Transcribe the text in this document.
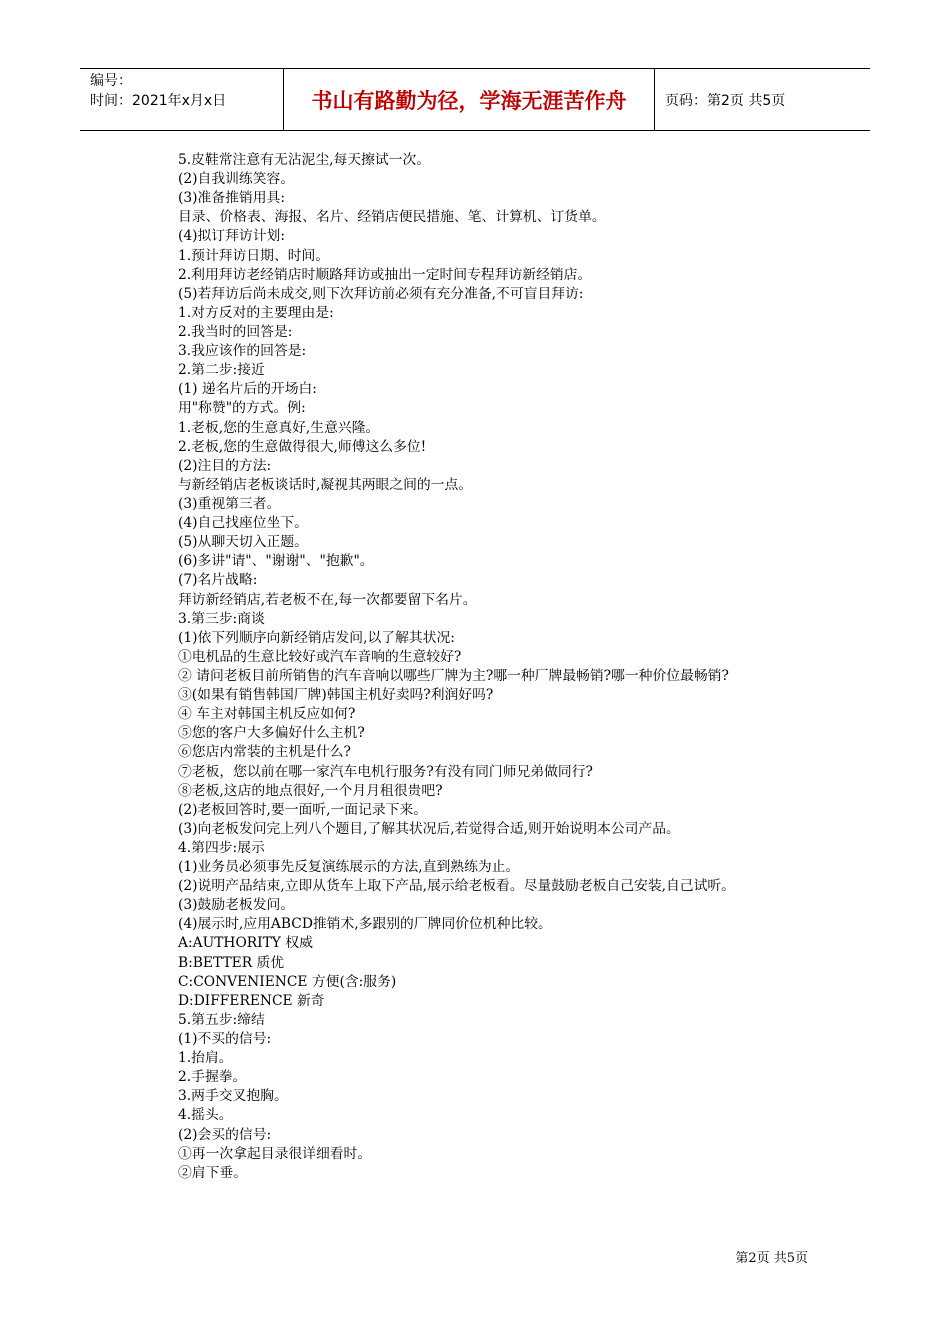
编号：
时间：2021年x月x日	书山有路勤为径，学海无涯苦作舟	页码：第2页 共5页
5.皮鞋常注意有无沾泥尘,每天擦试一次。
(2)自我训练笑容。
(3)准备推销用具:
目录、价格表、海报、名片、经销店便民措施、笔、计算机、订货单。
(4)拟订拜访计划:
1.预计拜访日期、时间。
2.利用拜访老经销店时顺路拜访或抽出一定时间专程拜访新经销店。
(5)若拜访后尚未成交,则下次拜访前必须有充分准备,不可盲目拜访:
1.对方反对的主要理由是:
2.我当时的回答是:
3.我应该作的回答是:
2.第二步:接近
(1) 递名片后的开场白:
用"称赞"的方式。例:
1.老板,您的生意真好,生意兴隆。
2.老板,您的生意做得很大,师傅这么多位!
(2)注目的方法:
与新经销店老板谈话时,凝视其两眼之间的一点。
(3)重视第三者。
(4)自己找座位坐下。
(5)从聊天切入正题。
(6)多讲"请"、"谢谢"、"抱歉"。
(7)名片战略:
拜访新经销店,若老板不在,每一次都要留下名片。
3.第三步:商谈
(1)依下列顺序向新经销店发问,以了解其状况:
①电机品的生意比较好或汽车音响的生意较好?
② 请问老板目前所销售的汽车音响以哪些厂牌为主?哪一种厂牌最畅销?哪一种价位最畅销?
③(如果有销售韩国厂牌)韩国主机好卖吗?利润好吗?
④ 车主对韩国主机反应如何?
⑤您的客户大多偏好什么主机?
⑥您店内常装的主机是什么?
⑦老板，您以前在哪一家汽车电机行服务?有没有同门师兄弟做同行?
⑧老板,这店的地点很好,一个月月租很贵吧?
(2)老板回答时,要一面听,一面记录下来。
(3)向老板发问完上列八个题目,了解其状况后,若觉得合适,则开始说明本公司产品。
4.第四步:展示
(1)业务员必须事先反复演练展示的方法,直到熟练为止。
(2)说明产品结束,立即从货车上取下产品,展示给老板看。尽量鼓励老板自己安装,自己试听。
(3)鼓励老板发问。
(4)展示时,应用ABCD推销术,多跟别的厂牌同价位机种比较。
A:AUTHORITY 权威
B:BETTER 质优
C:CONVENIENCE 方便(含:服务)
D:DIFFERENCE 新奇
5.第五步:缔结
(1)不买的信号:
1.抬肩。
2.手握拳。
3.两手交叉抱胸。
4.摇头。
(2)会买的信号:
①再一次拿起目录很详细看时。
②肩下垂。
第2页 共5页
